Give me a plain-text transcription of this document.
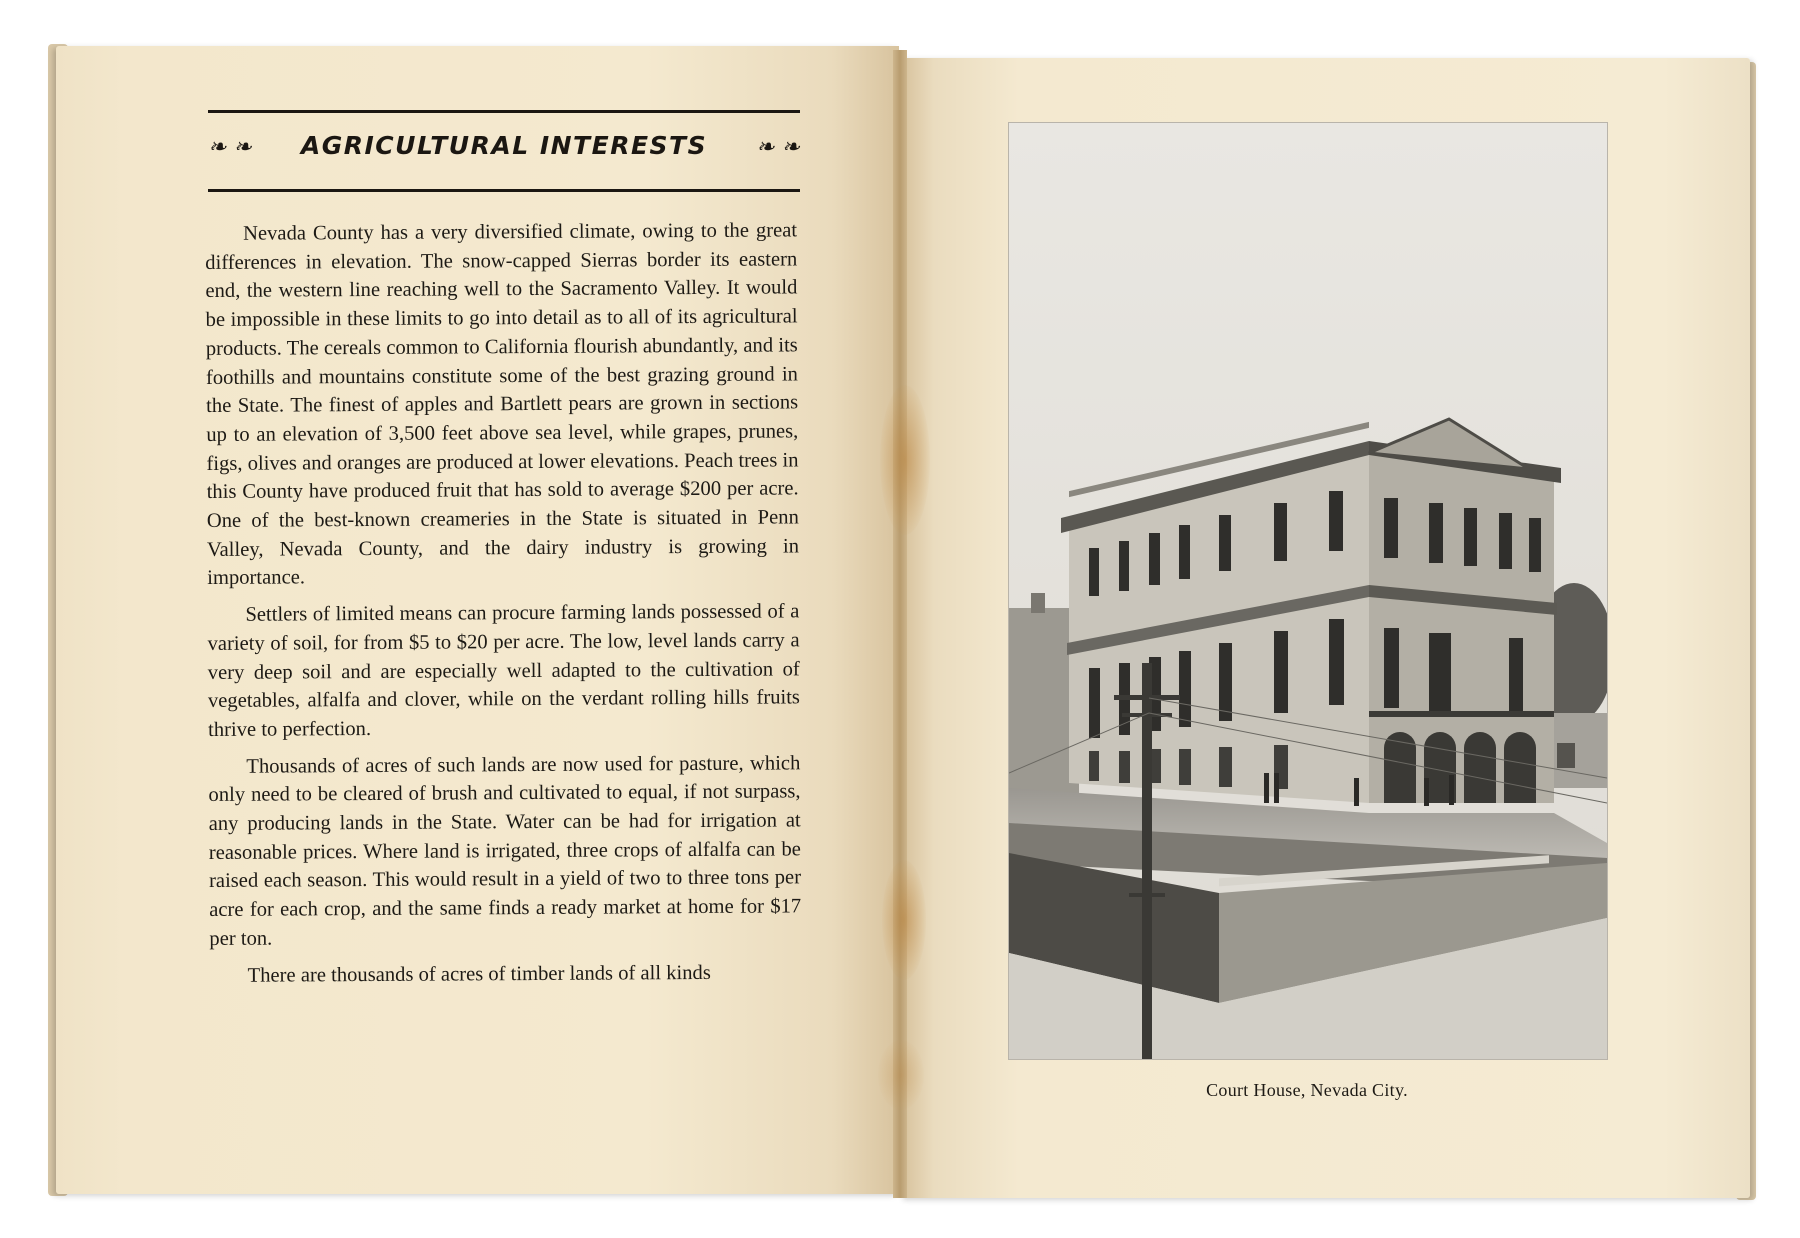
❧ ❧ AGRICULTURAL INTERESTS ❧ ❧

Nevada County has a very diversified climate, owing to the great differences in elevation. The snow-capped Sierras border its eastern end, the western line reaching well to the Sacramento Valley. It would be impossible in these limits to go into detail as to all of its agricultural products. The cereals common to California flourish abundantly, and its foothills and mountains constitute some of the best grazing ground in the State. The finest of apples and Bartlett pears are grown in sections up to an elevation of 3,500 feet above sea level, while grapes, prunes, figs, olives and oranges are produced at lower elevations. Peach trees in this County have produced fruit that has sold to average $200 per acre. One of the best-known creameries in the State is situated in Penn Valley, Nevada County, and the dairy industry is growing in importance.

Settlers of limited means can procure farming lands possessed of a variety of soil, for from $5 to $20 per acre. The low, level lands carry a very deep soil and are especially well adapted to the cultivation of vegetables, alfalfa and clover, while on the verdant rolling hills fruits thrive to perfection.

Thousands of acres of such lands are now used for pasture, which only need to be cleared of brush and cultivated to equal, if not surpass, any producing lands in the State. Water can be had for irrigation at reasonable prices. Where land is irrigated, three crops of alfalfa can be raised each season. This would result in a yield of two to three tons per acre for each crop, and the same finds a ready market at home for $17 per ton.

There are thousands of acres of timber lands of all kinds

Court House, Nevada City.
